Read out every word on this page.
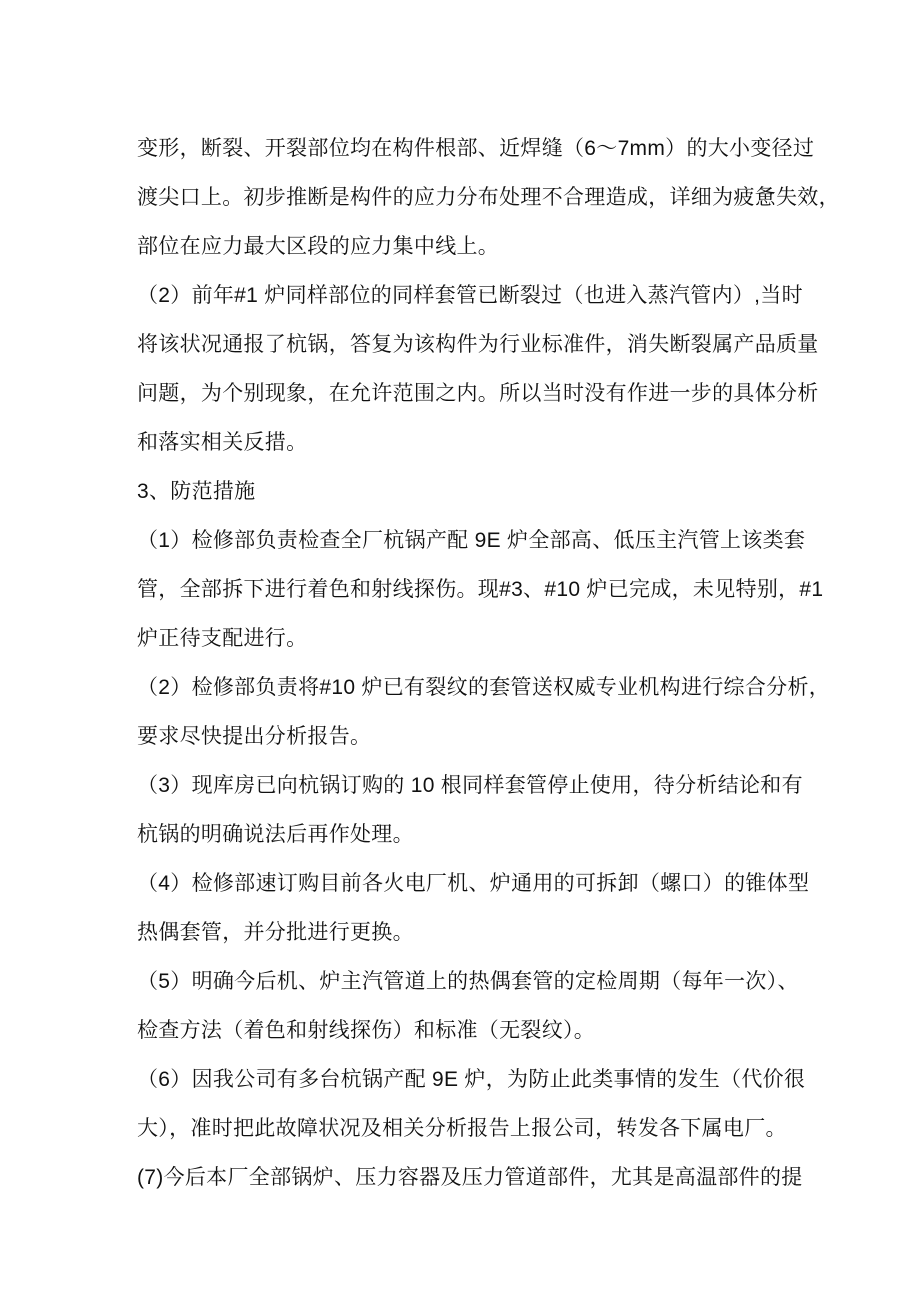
变形，断裂、开裂部位均在构件根部、近焊缝（6～7mm）的大小变径过
渡尖口上。初步推断是构件的应力分布处理不合理造成，详细为疲惫失效，
部位在应力最大区段的应力集中线上。
（2）前年#1 炉同样部位的同样套管已断裂过（也进入蒸汽管内）,当时
将该状况通报了杭锅，答复为该构件为行业标准件，消失断裂属产品质量
问题，为个别现象，在允许范围之内。所以当时没有作进一步的具体分析
和落实相关反措。
3、防范措施
（1）检修部负责检查全厂杭锅产配 9E 炉全部高、低压主汽管上该类套
管，全部拆下进行着色和射线探伤。现#3、#10 炉已完成，未见特别，#1
炉正待支配进行。
（2）检修部负责将#10 炉已有裂纹的套管送权威专业机构进行综合分析，
要求尽快提出分析报告。
（3）现库房已向杭锅订购的 10 根同样套管停止使用，待分析结论和有
杭锅的明确说法后再作处理。
（4）检修部速订购目前各火电厂机、炉通用的可拆卸（螺口）的锥体型
热偶套管，并分批进行更换。
（5）明确今后机、炉主汽管道上的热偶套管的定检周期（每年一次）、
检查方法（着色和射线探伤）和标准（无裂纹）。
（6）因我公司有多台杭锅产配 9E 炉，为防止此类事情的发生（代价很
大），准时把此故障状况及相关分析报告上报公司，转发各下属电厂。
(7)今后本厂全部锅炉、压力容器及压力管道部件，尤其是高温部件的提
